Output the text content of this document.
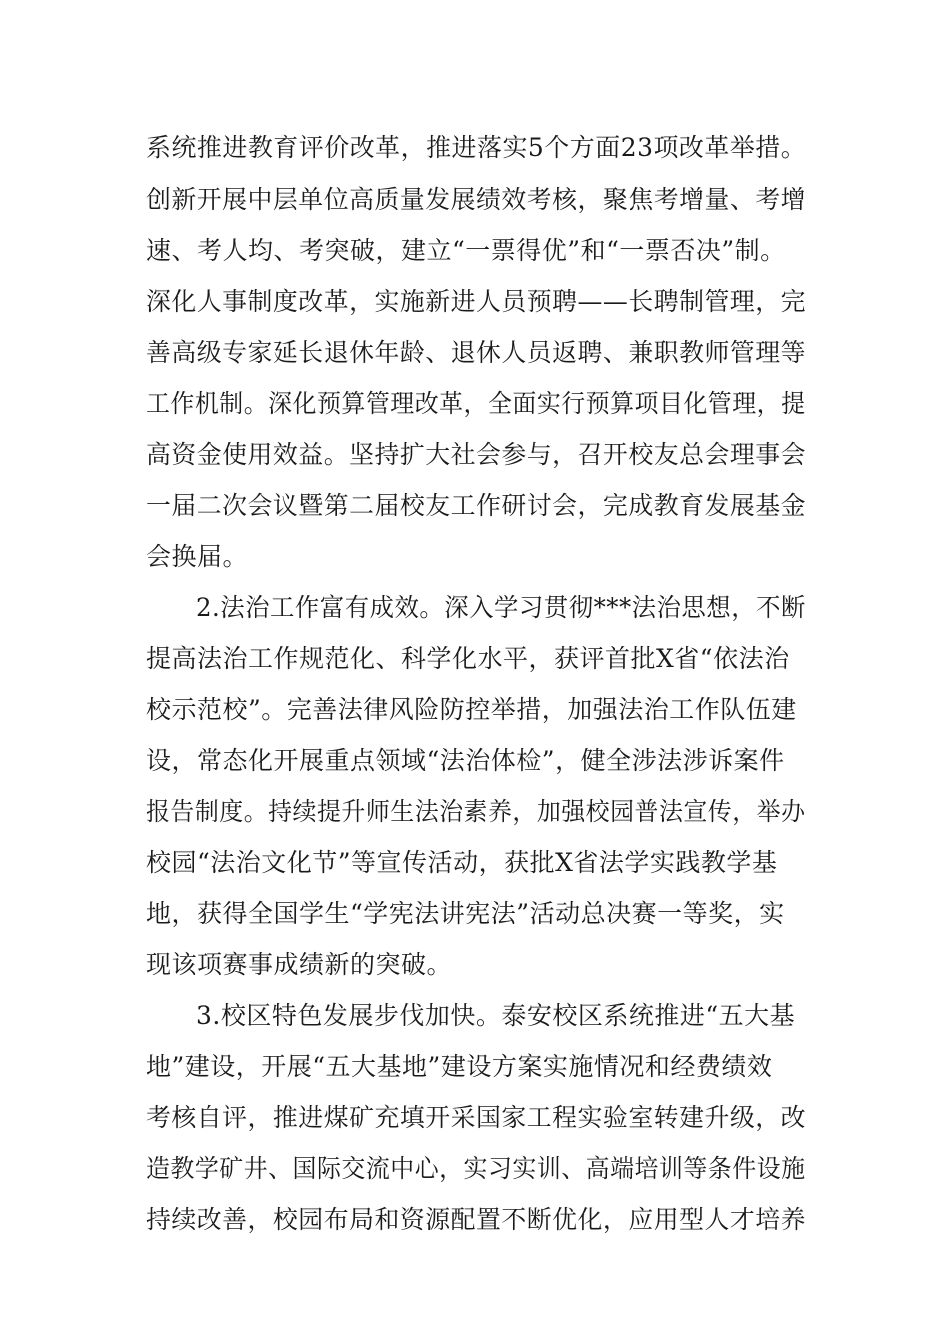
系统推进教育评价改革，推进落实5个方面23项改革举措。
创新开展中层单位高质量发展绩效考核，聚焦考增量、考增
速、考人均、考突破，建立“一票得优”和“一票否决”制。
深化人事制度改革，实施新进人员预聘——长聘制管理，完
善高级专家延长退休年龄、退休人员返聘、兼职教师管理等
工作机制。深化预算管理改革，全面实行预算项目化管理，提
高资金使用效益。坚持扩大社会参与，召开校友总会理事会
一届二次会议暨第二届校友工作研讨会，完成教育发展基金
会换届。
2.法治工作富有成效。深入学习贯彻***法治思想，不断
提高法治工作规范化、科学化水平，获评首批X省“依法治
校示范校”。完善法律风险防控举措，加强法治工作队伍建
设，常态化开展重点领域“法治体检”，健全涉法涉诉案件
报告制度。持续提升师生法治素养，加强校园普法宣传，举办
校园“法治文化节”等宣传活动，获批X省法学实践教学基
地，获得全国学生“学宪法讲宪法”活动总决赛一等奖，实
现该项赛事成绩新的突破。
3.校区特色发展步伐加快。泰安校区系统推进“五大基
地”建设，开展“五大基地”建设方案实施情况和经费绩效
考核自评，推进煤矿充填开采国家工程实验室转建升级，改
造教学矿井、国际交流中心，实习实训、高端培训等条件设施
持续改善，校园布局和资源配置不断优化，应用型人才培养
